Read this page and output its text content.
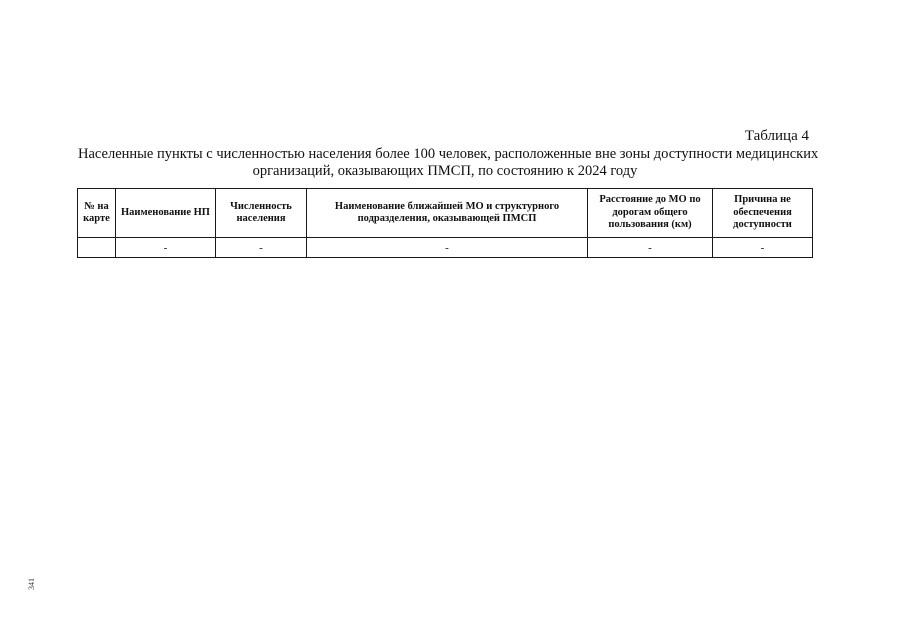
Таблица 4
Населенные пункты с численностью населения более 100 человек, расположенные вне зоны доступности медицинских
организаций, оказывающих ПМСП, по состоянию к 2024 году
№ на карте	Наименование НП	Численность населения	Наименование ближайшей МО и структурного подразделения, оказывающей ПМСП	Расстояние до МО по дорогам общего пользования (км)	Причина не обеспечения доступности
	-	-	-	-	-
341
